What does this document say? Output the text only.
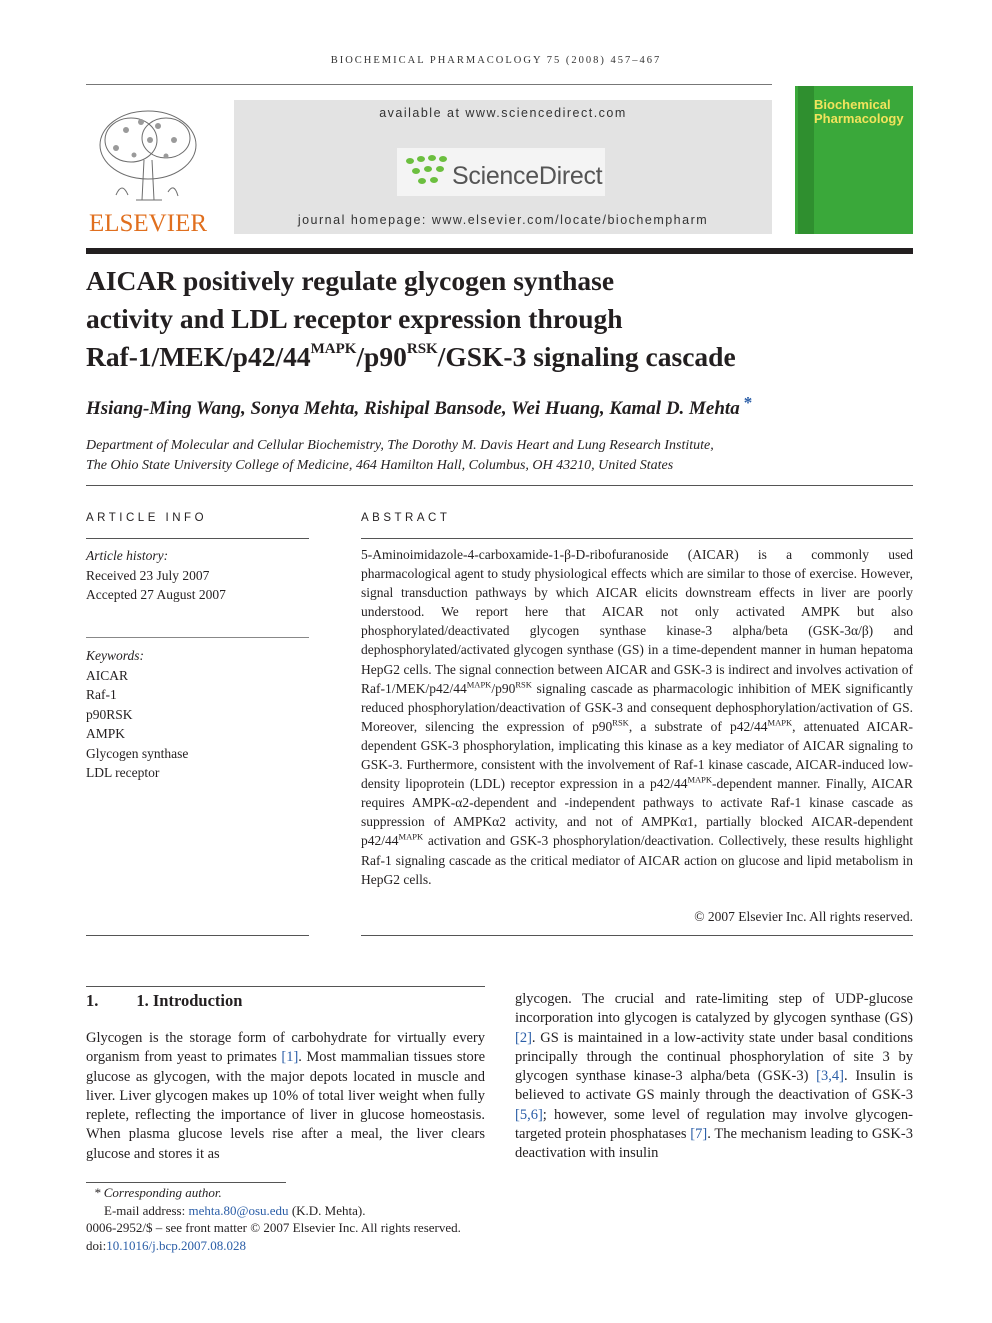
BIOCHEMICAL PHARMACOLOGY 75 (2008) 457–467
ELSEVIER
available at www.sciencedirect.com
ScienceDirect
journal homepage: www.elsevier.com/locate/biochempharm
Biochemical Pharmacology
AICAR positively regulate glycogen synthase
activity and LDL receptor expression through
Raf-$1/MEK/p42/44^{MAPK}/p90^{RSK}/GSK-3$ signaling cascade
Hsiang-Ming Wang, Sonya Mehta, Rishipal Bansode, Wei Huang, Kamal D. Mehta *
Department of Molecular and Cellular Biochemistry, The Dorothy M. Davis Heart and Lung Research Institute,
The Ohio State University College of Medicine, 464 Hamilton Hall, Columbus, OH 43210, United States
ARTICLE INFO
Article history:
Received 23 July 2007
Accepted 27 August 2007
Keywords:
AICAR
Raf-1
p90RSK
AMPK
Glycogen synthase
LDL receptor
ABSTRACT

5-Aminoimidazole-4-carboxamide-1-β-D-ribofuranoside (AICAR) is a commonly used pharmacological agent to study physiological effects which are similar to those of exercise. However, signal transduction pathways by which AICAR elicits downstream effects in liver are poorly understood. We report here that AICAR not only activated AMPK but also phosphorylated/deactivated glycogen synthase kinase-3 alpha/beta (GSK-3α/β) and dephosphorylated/activated glycogen synthase (GS) in a time-dependent manner in human hepatoma HepG2 cells. The signal connection between AICAR and GSK-3 is indirect and involves activation of Raf-$1/MEK/p42/44^{MAPK}/p90^{RSK}$ signaling cascade as pharmacologic inhibition of MEK significantly reduced phosphorylation/deactivation of GSK-3 and consequent dephosphorylation/activation of GS. Moreover, silencing the expression of $p90^{RSK}$, a substrate of $p42/44^{MAPK}$, attenuated AICAR-dependent GSK-3 phosphorylation, implicating this kinase as a key mediator of AICAR signaling to GSK-3. Furthermore, consistent with the involvement of Raf-1 kinase cascade, AICAR-induced low-density lipoprotein (LDL) receptor expression in a $p42/44^{MAPK}$-dependent manner. Finally, AICAR requires AMPK-α2-dependent and -independent pathways to activate Raf-1 kinase cascade as suppression of AMPKα2 activity, and not of AMPKα1, partially blocked AICAR-dependent $p42/44^{MAPK}$ activation and GSK-3 phosphorylation/deactivation. Collectively, these results highlight Raf-1 signaling cascade as the critical mediator of AICAR action on glucose and lipid metabolism in HepG2 cells.

© 2007 Elsevier Inc. All rights reserved.
1. 1. Introduction
Glycogen is the storage form of carbohydrate for virtually every organism from yeast to primates [1]. Most mammalian tissues store glucose as glycogen, with the major depots located in muscle and liver. Liver glycogen makes up 10% of total liver weight when fully replete, reflecting the importance of liver in glucose homeostasis. When plasma glucose levels rise after a meal, the liver clears glucose and stores it as
glycogen. The crucial and rate-limiting step of UDP-glucose incorporation into glycogen is catalyzed by glycogen synthase (GS) [2]. GS is maintained in a low-activity state under basal conditions principally through the continual phosphorylation of site 3 by glycogen synthase kinase-3 alpha/beta (GSK-3) [3,4]. Insulin is believed to activate GS mainly through the deactivation of GSK-3 [5,6]; however, some level of regulation may involve glycogen-targeted protein phosphatases [7]. The mechanism leading to GSK-3 deactivation with insulin
* Corresponding author.
E-mail address: mehta.80@osu.edu (K.D. Mehta).
0006-2952/$ – see front matter © 2007 Elsevier Inc. All rights reserved.
doi:10.1016/j.bcp.2007.08.028
